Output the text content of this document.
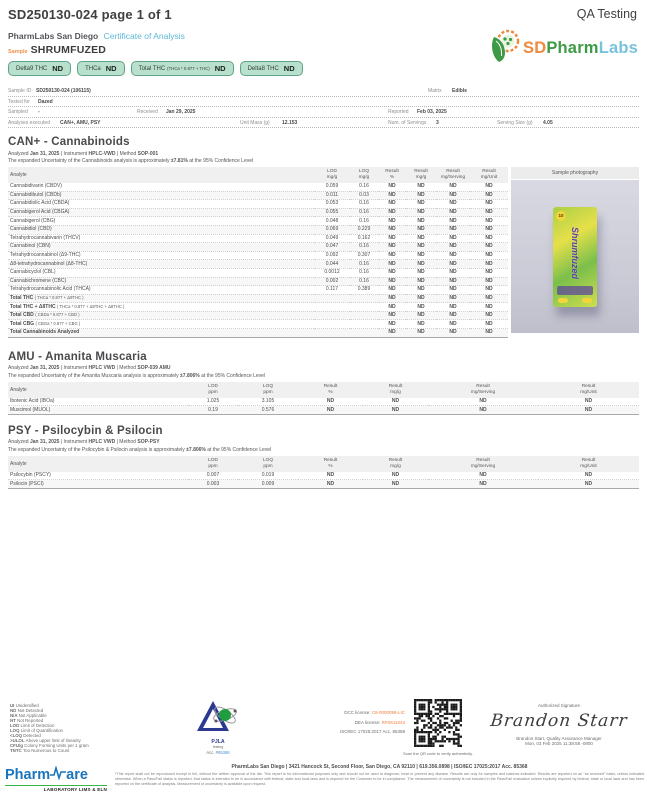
SD250130-024 page 1 of 1	QA Testing
PharmLabs San Diego Certificate of Analysis
Sample SHRUMFUZED
Delta9 THC ND	THCa ND	Total THC (THCa * 0.877 + THC) ND	Delta8 THC ND
SDPharmLabs
Sample ID SD250130-024 (106115)	Matrix Edible
Tested for Dazed
Sampled -	Received Jan 29, 2025	Reported Feb 03, 2025
Analyses executed CAN+, AMU, PSY	Unit Mass (g) 12.153	Num. of Servings 3	Serving Size (g) 4.05
CAN+ - Cannabinoids
Analyzed Jan 31, 2025 | Instrument HPLC-VWD | Method SOP-001
The expanded Uncertainty of the Cannabinoids analysis is approximately ±7.81% at the 95% Confidence Level
Analyte	
LOD
mg/g

LOQ
mg/g

Result
%

Result
mg/g

Result
mg/Serving

Result
mg/Unit

Cannabidivarin (CBDV)	0.059	0.16	ND	ND	ND	ND
Cannabidibutol (CBDb)	0.011	0.03	ND	ND	ND	ND
Cannabidiolic Acid (CBDA)	0.053	0.16	ND	ND	ND	ND
Cannabigerol Acid (CBGA)	0.055	0.16	ND	ND	ND	ND
Cannabigerol (CBG)	0.048	0.16	ND	ND	ND	ND
Cannabidiol (CBD)	0.069	0.229	ND	ND	ND	ND
Tetrahydrocannabivarin (THCV)	0.049	0.162	ND	ND	ND	ND
Cannabinol (CBN)	0.047	0.16	ND	ND	ND	ND
Tetrahydrocannabinol (Δ9-THC)	0.092	0.307	ND	ND	ND	ND
Δ8-tetrahydrocannabinol (Δ8-THC)	0.044	0.16	ND	ND	ND	ND
Cannabicyclol (CBL)	0.0012	0.16	ND	ND	ND	ND
Cannabichromene (CBC)	0.002	0.16	ND	ND	ND	ND
Tetrahydrocannabinolic Acid (THCA)	0.117	0.389	ND	ND	ND	ND
Total THC ( THCa * 0.877 + Δ9THC )			ND	ND	ND	ND
Total THC + Δ8THC ( THCa * 0.877 + Δ9THC + Δ8THC )			ND	ND	ND	ND
Total CBD ( CBDa * 0.877 + CBD )			ND	ND	ND	ND
Total CBG ( CBGa * 0.877 + CBG )			ND	ND	ND	ND
Total Cannabinoids Analyzed			ND	ND	ND	ND
Sample photography
10
Shrumfuzed
AMU - Amanita Muscaria
Analyzed Jan 31, 2025 | Instrument HPLC VWD | Method SOP-039 AMU
The expanded Uncertainty of the Amanita Muscaria analysis is approximately ±7.806% at the 95% Confidence Level
Analyte	
LOD
ppm

LOQ
ppm

Result
%

Result
mg/g

Result
mg/Serving

Result
mg/Unit

Ibotenic Acid (IBOa)	1.025	3.105	ND	ND	ND	ND
Muscimol (MUOL)	0.19	0.576	ND	ND	ND	ND
PSY - Psilocybin & Psilocin
Analyzed Jan 31, 2025 | Instrument HPLC VWD | Method SOP-PSY
The expanded Uncertainty of the Psilocybin & Psilocin analysis is approximately ±7.806% at the 95% Confidence Level
Analyte	
LOD
ppm

LOQ
ppm

Result
%

Result
mg/g

Result
mg/Serving

Result
mg/Unit

Psilocybin (PSCY)	0.007	0.019	ND	ND	ND	ND
Psilocin (PSCI)	0.003	0.009	ND	ND	ND	ND
UI Unidentified
ND Not Detected
N/A Not Applicable
NT Not Reported
LOD Limit of Detection
LOQ Limit of Quantification
<LOQ Detected
>ULOL Above upper limit of linearity
CFU/g Colony Forming Units per 1 gram
TNTC Too Numerous to Count
PJLA
testing
Acc. #95368
DCC license: C8-0000098-LIC
DEA license: RP0611043
ISO/IEC 17025:2017 Acc. 85368
Scan the QR code to verify authenticity.
Authorized Signature
Brandon Starr
Brandon Starr, Quality Assurance Manager
Mon, 03 Feb 2025 11:38:58 -0800
PharmLabs San Diego | 3421 Hancock St, Second Floor, San Diego, CA 92110 | 619.356.0898 | ISO/IEC 17025:2017 Acc. 85368
*This report shall not be reproduced except in full, without the written approval of the lab. This report is for informational purposes only and should not be used to diagnose, treat or prevent any disease. Results are only for samples and batches indicated. Results are reported on an "as received" basis, unless indicated otherwise. When a Pass/Fail status is reported, that status is intended to be in accordance with federal, state and local laws and is required for the Customer to be in compliance. The measurement of uncertainty is not included in the Pass/Fail evaluation unless explicitly required by federal, state or local laws and has been reported on the certificate of analysis. Measurement of uncertainty is available upon request.
Pharm are
LABORATORY LIMS & ELN
